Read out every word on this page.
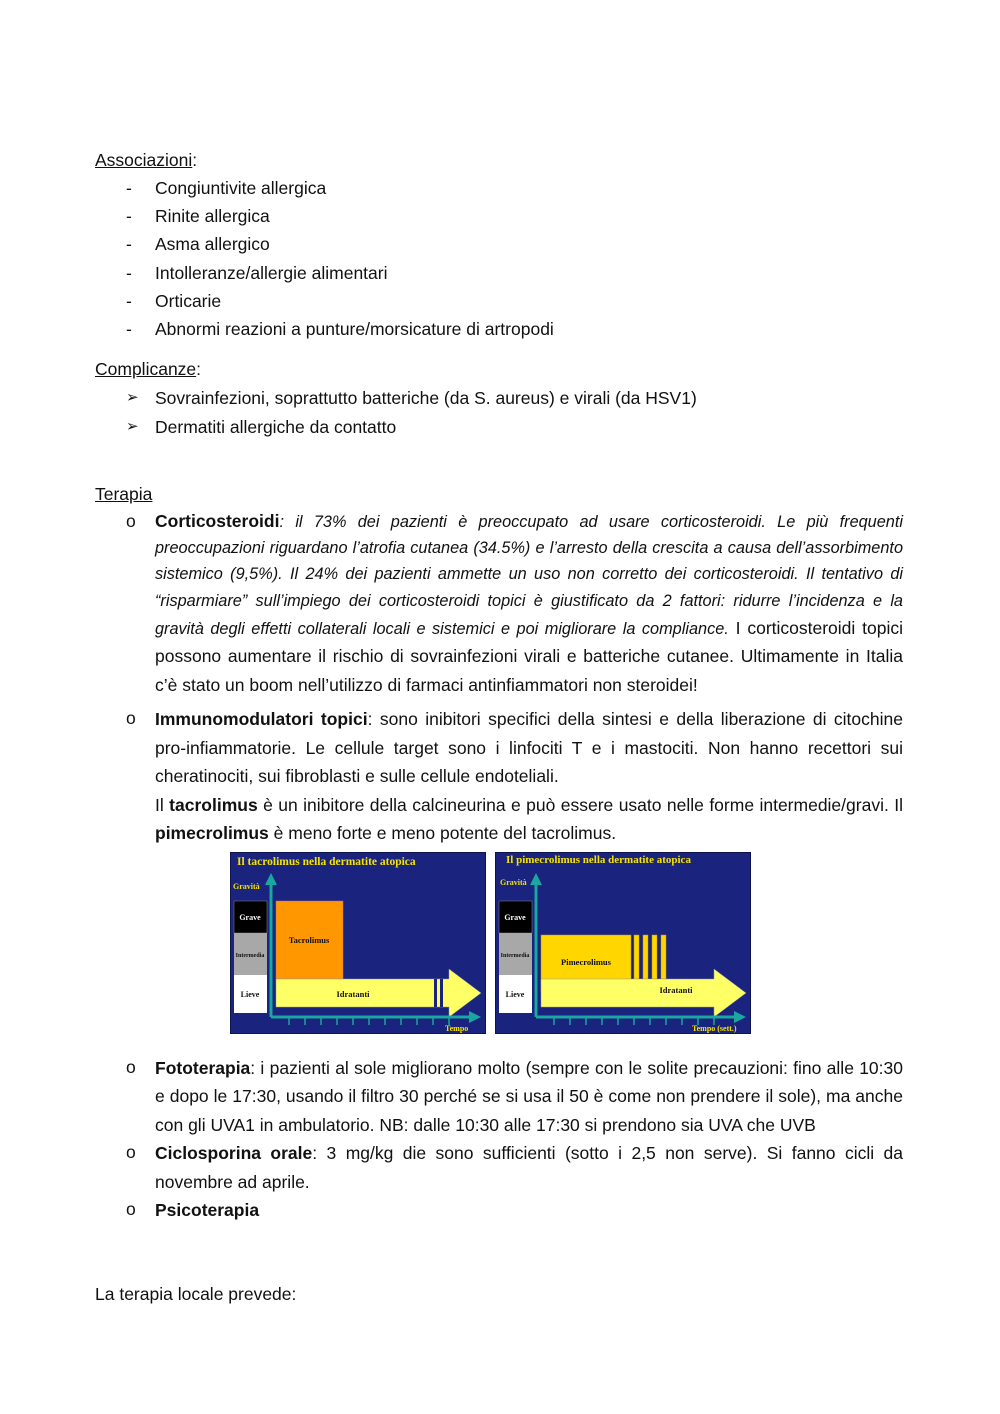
Associazioni:
- Congiuntivite allergica
- Rinite allergica
- Asma allergico
- Intolleranze/allergie alimentari
- Orticarie
- Abnormi reazioni a punture/morsicature di artropodi
Complicanze:
➢ Sovrainfezioni, soprattutto batteriche (da S. aureus) e virali (da HSV1)
➢ Dermatiti allergiche da contatto
Terapia
o Corticosteroidi: il 73% dei pazienti è preoccupato ad usare corticosteroidi. Le più frequenti preoccupazioni riguardano l’atrofia cutanea (34.5%) e l’arresto della crescita a causa dell’assorbimento sistemico (9,5%). Il 24% dei pazienti ammette un uso non corretto dei corticosteroidi. Il tentativo di “risparmiare” sull’impiego dei corticosteroidi topici è giustificato da 2 fattori: ridurre l’incidenza e la gravità degli effetti collaterali locali e sistemici e poi migliorare la compliance. I corticosteroidi topici possono aumentare il rischio di sovrainfezioni virali e batteriche cutanee. Ultimamente in Italia c’è stato un boom nell’utilizzo di farmaci antinfiammatori non steroidei!
o Immunomodulatori topici: sono inibitori specifici della sintesi e della liberazione di citochine pro-infiammatorie. Le cellule target sono i linfociti T e i mastociti. Non hanno recettori sui cheratinociti, sui fibroblasti e sulle cellule endoteliali.
Il tacrolimus è un inibitore della calcineurina e può essere usato nelle forme intermedie/gravi. Il pimecrolimus è meno forte e meno potente del tacrolimus.
Il tacrolimus nella dermatite atopica
Gravità
Grave
Intermedia
Lieve
Tacrolimus
Idratanti
Tempo
Il pimecrolimus nella dermatite atopica
Gravità
Grave
Intermedia
Lieve
Pimecrolimus
Idratanti
Tempo (sett.)
o Fototerapia: i pazienti al sole migliorano molto (sempre con le solite precauzioni: fino alle 10:30 e dopo le 17:30, usando il filtro 30 perché se si usa il 50 è come non prendere il sole), ma anche con gli UVA1 in ambulatorio. NB: dalle 10:30 alle 17:30 si prendono sia UVA che UVB
o Ciclosporina orale: 3 mg/kg die sono sufficienti (sotto i 2,5 non serve). Si fanno cicli da novembre ad aprile.
o Psicoterapia
La terapia locale prevede:
